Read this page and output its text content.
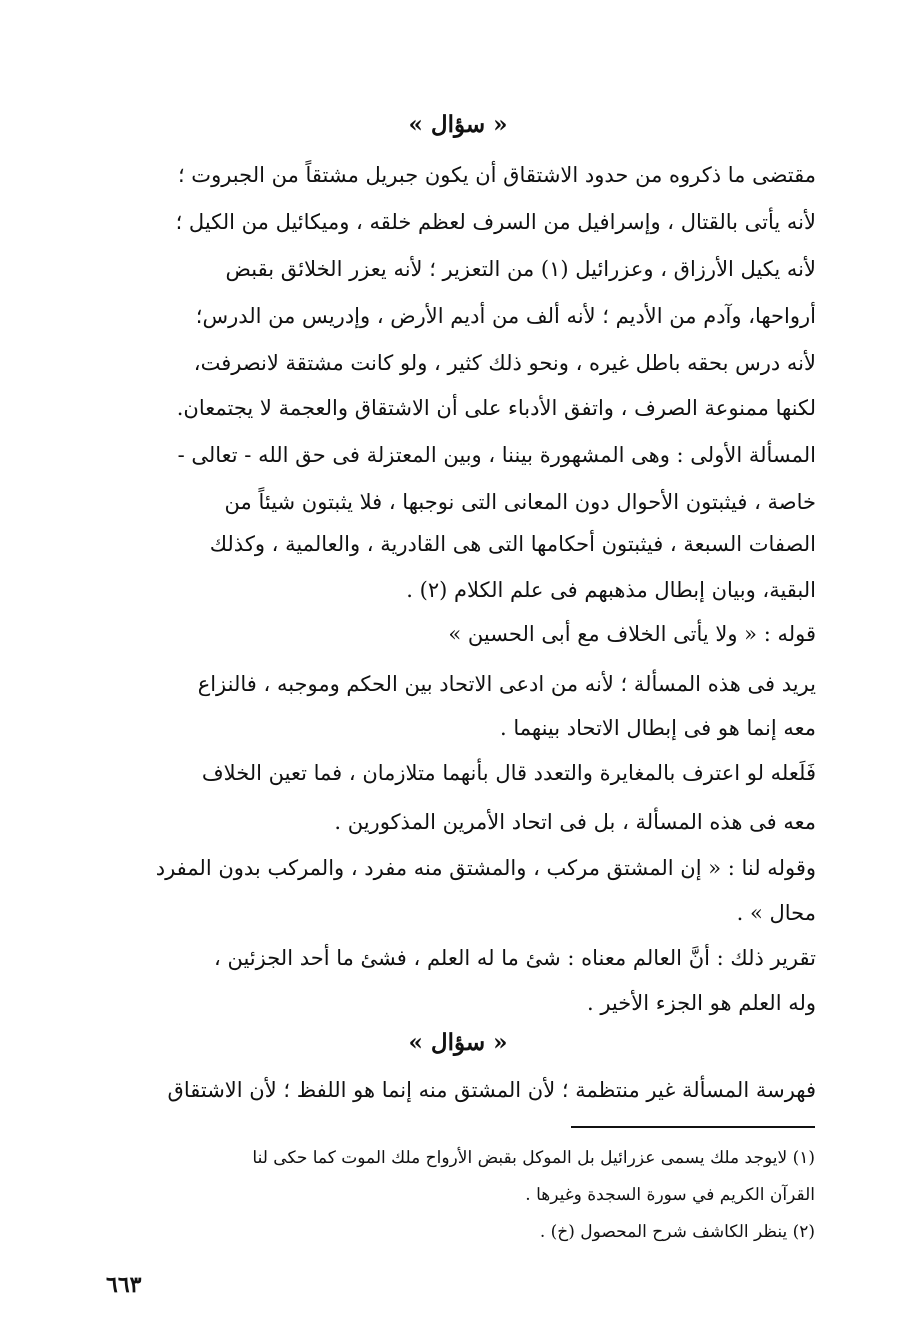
« سؤال »
مقتضى ما ذكروه من حدود الاشتقاق أن يكون جبريل مشتقاً من الجبروت ؛
لأنه يأتى بالقتال ، وإسرافيل من السرف لعظم خلقه ، وميكائيل من الكيل ؛
لأنه يكيل الأرزاق ، وعزرائيل (١) من التعزير ؛ لأنه يعزر الخلائق بقبض
أرواحها، وآدم من الأديم ؛ لأنه ألف من أديم الأرض ، وإدريس من الدرس؛
لأنه درس بحقه باطل غيره ، ونحو ذلك كثير ، ولو كانت مشتقة لانصرفت،
لكنها ممنوعة الصرف ، واتفق الأدباء على أن الاشتقاق والعجمة لا يجتمعان.
المسألة الأولى : وهى المشهورة بيننا ، وبين المعتزلة فى حق الله - تعالى -
خاصة ، فيثبتون الأحوال دون المعانى التى نوجبها ، فلا يثبتون شيئاً من
الصفات السبعة ، فيثبتون أحكامها التى هى القادرية ، والعالمية ، وكذلك
البقية، وبيان إبطال مذهبهم فى علم الكلام (٢) .
قوله : « ولا يأتى الخلاف مع أبى الحسين »
يريد فى هذه المسألة ؛ لأنه من ادعى الاتحاد بين الحكم وموجبه ، فالنزاع
معه إنما هو فى إبطال الاتحاد بينهما .
فَلَعله لو اعترف بالمغايرة والتعدد قال بأنهما متلازمان ، فما تعين الخلاف
معه فى هذه المسألة ، بل فى اتحاد الأمرين المذكورين .
وقوله لنا : « إن المشتق مركب ، والمشتق منه مفرد ، والمركب بدون المفرد
محال » .
تقرير ذلك : أنَّ العالم معناه : شئ ما له العلم ، فشئ ما أحد الجزئين ،
وله العلم هو الجزء الأخير .
« سؤال »
فهرسة المسألة غير منتظمة ؛ لأن المشتق منه إنما هو اللفظ ؛ لأن الاشتقاق
(١) لايوجد ملك يسمى عزرائيل بل الموكل بقبض الأرواح ملك الموت كما حكى لنا
القرآن الكريم في سورة السجدة وغيرها .
(٢) ينظر الكاشف شرح المحصول (خ) .
٦٦٣
